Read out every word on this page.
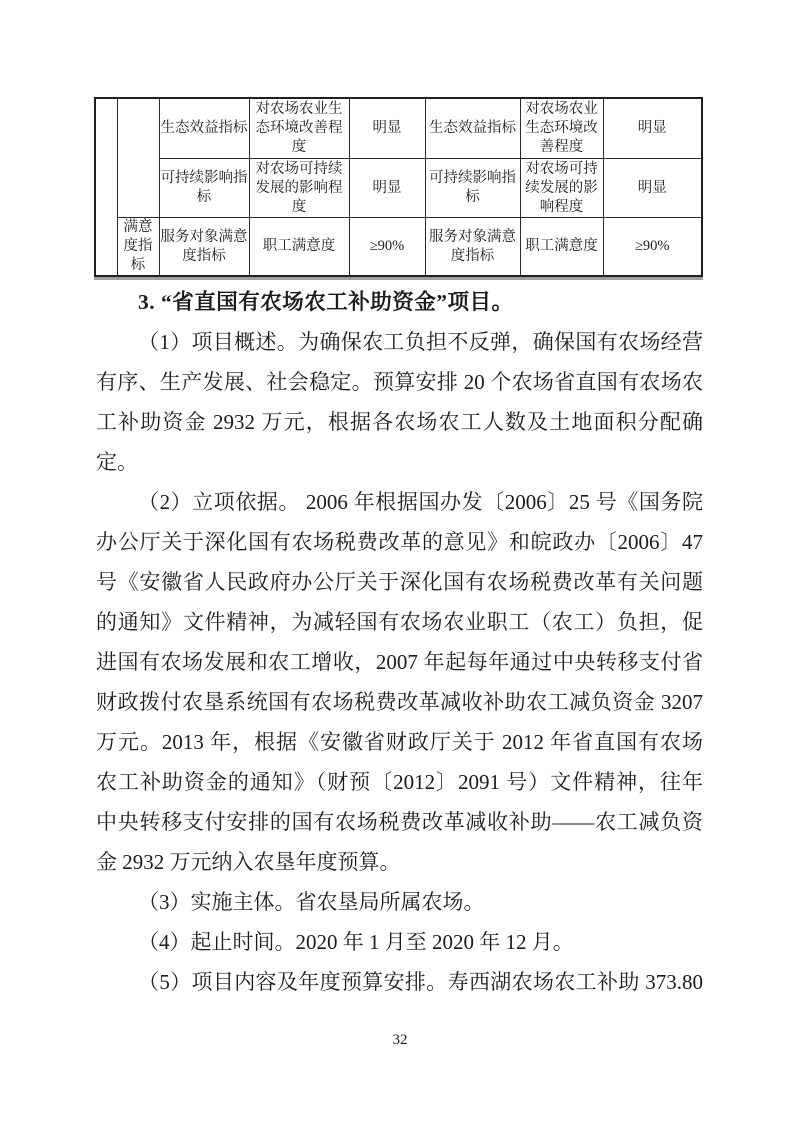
		生态效益指标	对农场农业生态环境改善程度	明显	生态效益指标	对农场农业生态环境改善程度	明显
		可持续影响指标	对农场可持续发展的影响程度	明显	可持续影响指标	对农场可持续发展的影响程度	明显
	满意度指标	服务对象满意度指标	职工满意度	≥90%	服务对象满意度指标	职工满意度	≥90%
3. “省直国有农场农工补助资金”项目。
（1）项目概述。为确保农工负担不反弹，确保国有农场经营
有序、生产发展、社会稳定。预算安排 20 个农场省直国有农场农
工补助资金 2932 万元，根据各农场农工人数及土地面积分配确
定。
（2）立项依据。 2006 年根据国办发〔2006〕25 号《国务院
办公厅关于深化国有农场税费改革的意见》和皖政办〔2006〕47
号《安徽省人民政府办公厅关于深化国有农场税费改革有关问题
的通知》文件精神，为减轻国有农场农业职工（农工）负担，促
进国有农场发展和农工增收，2007 年起每年通过中央转移支付省
财政拨付农垦系统国有农场税费改革减收补助农工减负资金 3207
万元。2013 年，根据《安徽省财政厅关于 2012 年省直国有农场
农工补助资金的通知》（财预〔2012〕2091 号）文件精神，往年
中央转移支付安排的国有农场税费改革减收补助——农工减负资
金 2932 万元纳入农垦年度预算。
（3）实施主体。省农垦局所属农场。
（4）起止时间。2020 年 1 月至 2020 年 12 月。
（5）项目内容及年度预算安排。寿西湖农场农工补助 373.80
32
